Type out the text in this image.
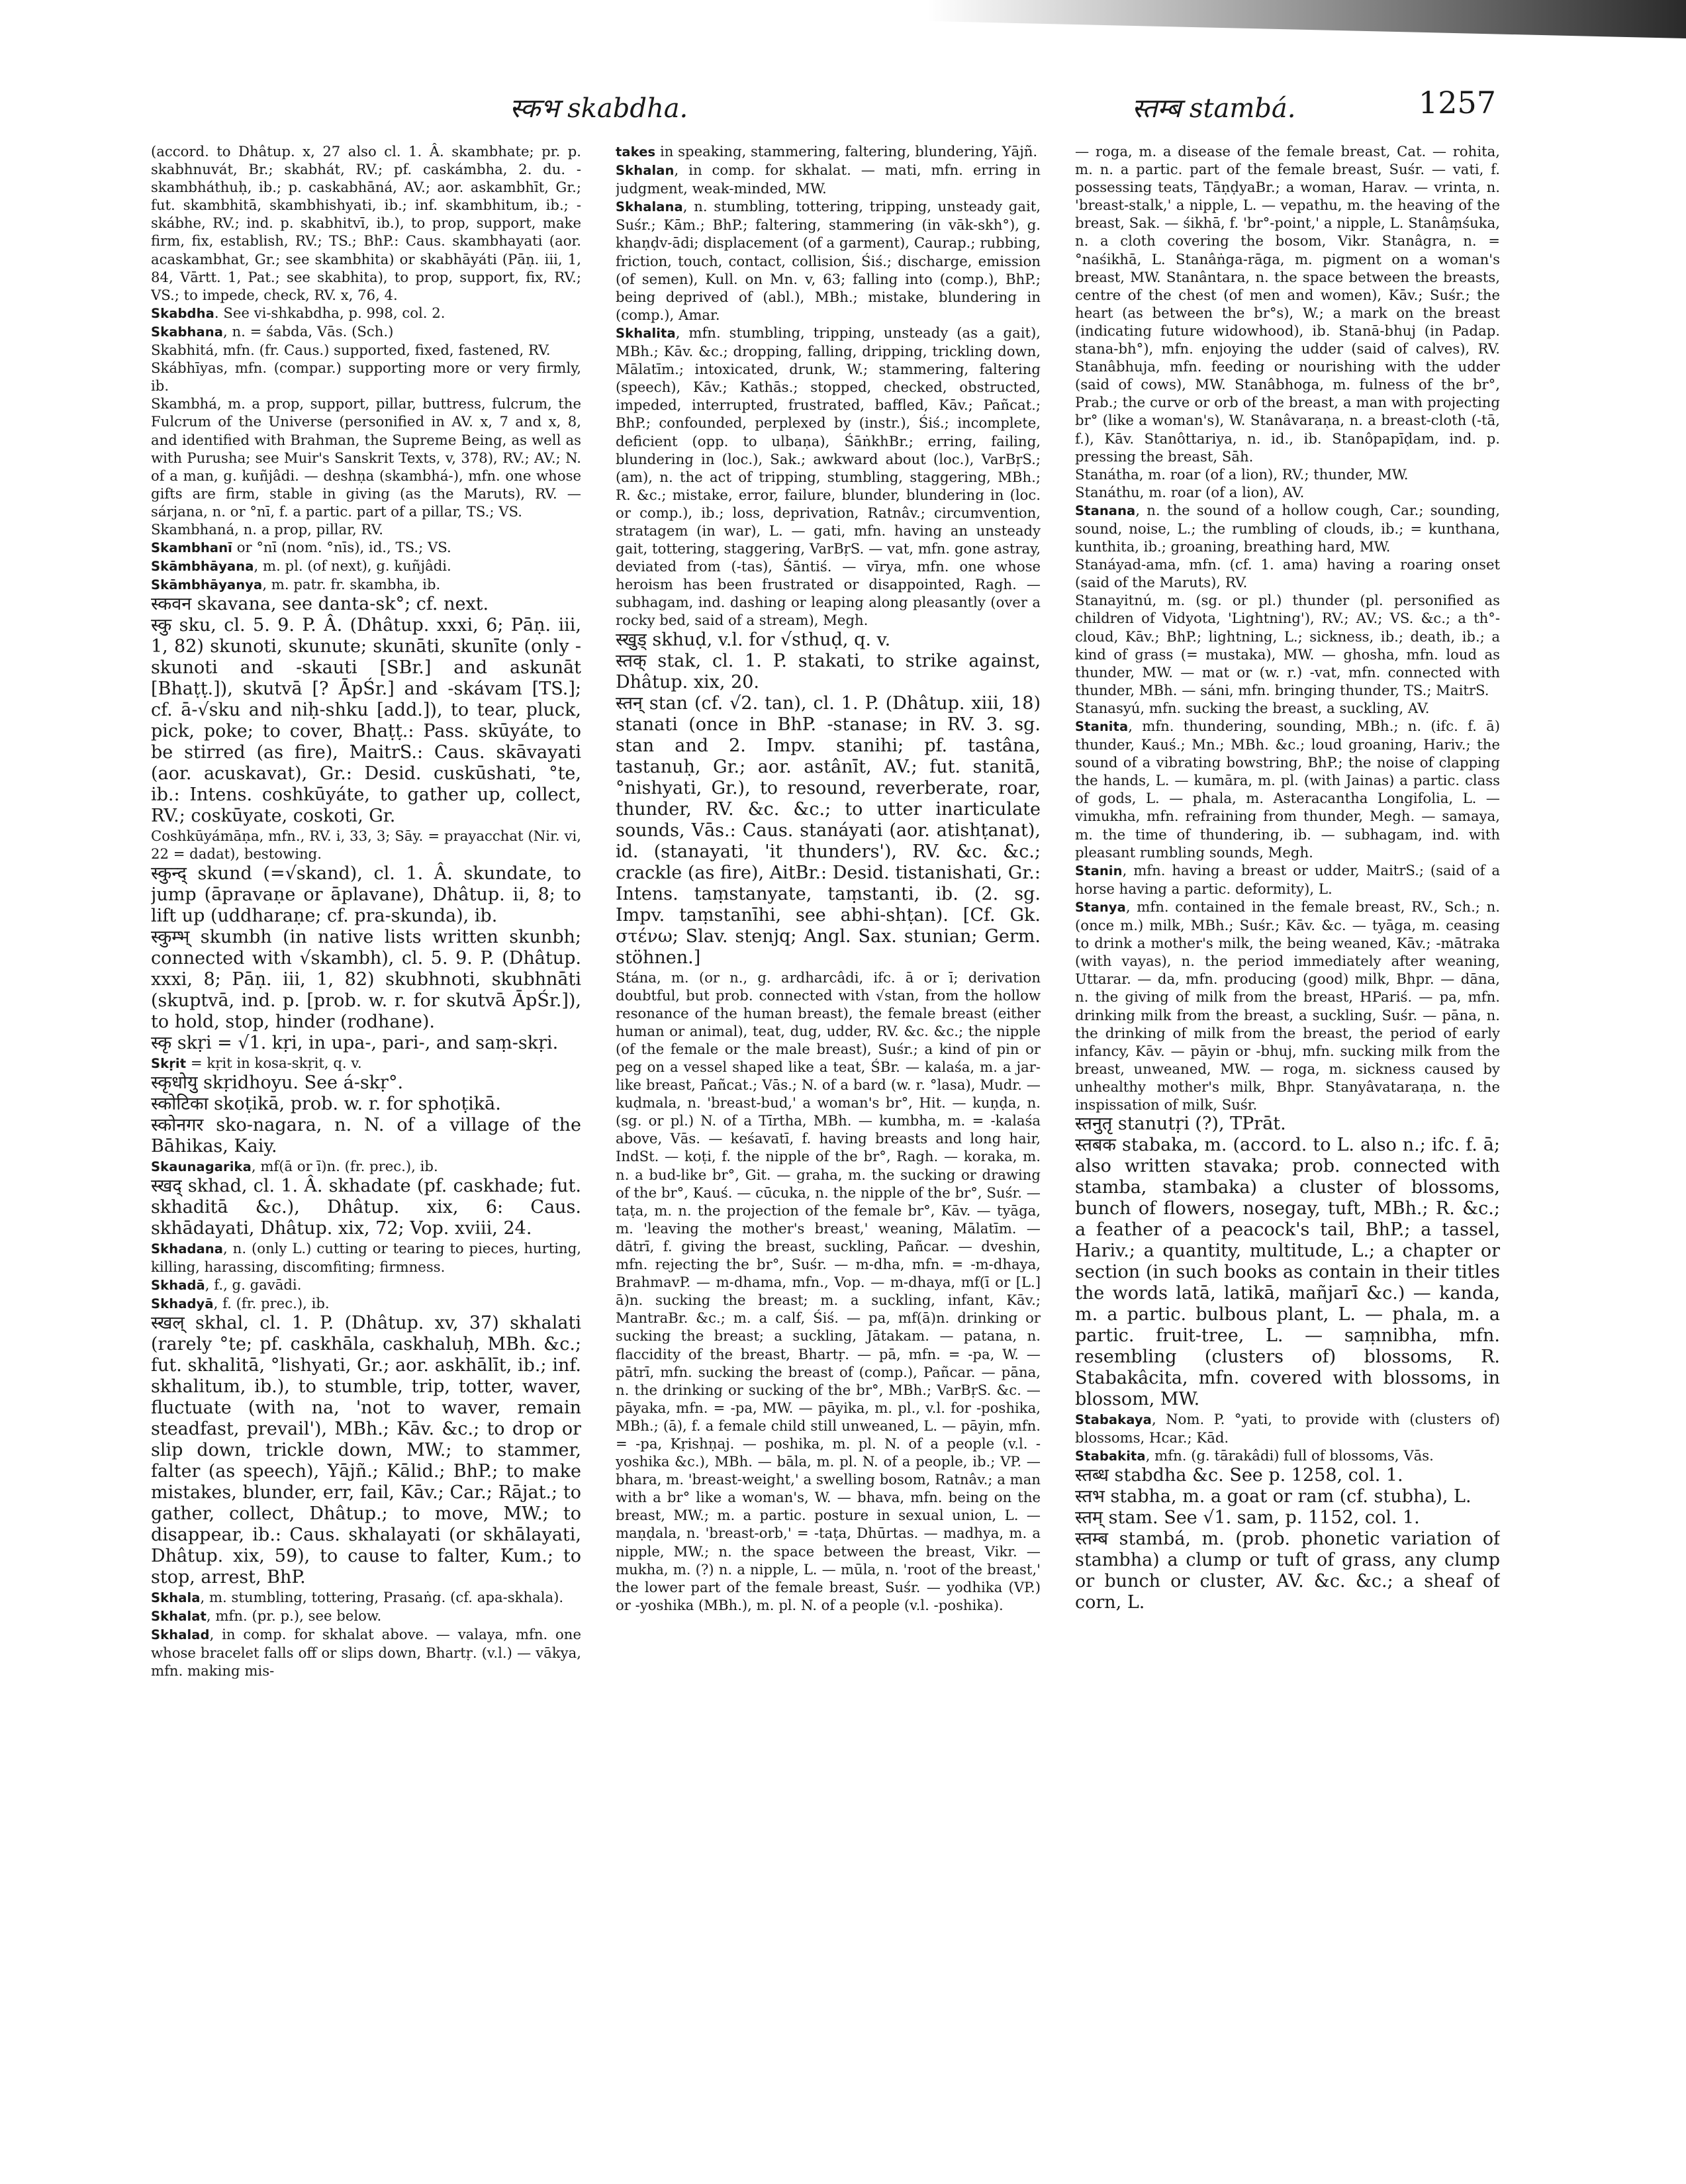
स्कभ skabdha.	स्तम्ब stambá.	1257

(accord. to Dhâtup. x, 27 also cl. 1. Â. skambhate; pr. p. skabhnuvát, Br.; skabhát, RV.; pf. caskámbha, 2. du. -skambháthuḥ, ib.; p. caskabhāná, AV.; aor. askambhīt, Gr.; fut. skambhitā, skambhishyati, ib.; inf. skambhitum, ib.; -skábhe, RV.; ind. p. skabhitvī, ib.), to prop, support, make firm, fix, establish, RV.; TS.; BhP.: Caus. skambhayati (aor. acaskambhat, Gr.; see skambhita) or skabhāyáti (Pāṇ. iii, 1, 84, Vārtt. 1, Pat.; see skabhita), to prop, support, fix, RV.; VS.; to impede, check, RV. x, 76, 4.

Skabdha. See vi-shkabdha, p. 998, col. 2.

Skabhana, n. = śabda, Vās. (Sch.)

Skabhitá, mfn. (fr. Caus.) supported, fixed, fastened, RV.

Skábhīyas, mfn. (compar.) supporting more or very firmly, ib.

Skambhá, m. a prop, support, pillar, buttress, fulcrum, the Fulcrum of the Universe (personified in AV. x, 7 and x, 8, and identified with Brahman, the Supreme Being, as well as with Purusha; see Muir's Sanskrit Texts, v, 378), RV.; AV.; N. of a man, g. kuñjâdi. — deshṇa (skambhá-), mfn. one whose gifts are firm, stable in giving (as the Maruts), RV. — sárjana, n. or °nī, f. a partic. part of a pillar, TS.; VS.

Skambhaná, n. a prop, pillar, RV.

Skambhanī or °nī (nom. °nīs), id., TS.; VS.

Skāmbhāyana, m. pl. (of next), g. kuñjâdi.

Skāmbhāyanya, m. patr. fr. skambha, ib.

स्कवन skavana, see danta-sk°; cf. next.

स्कु sku, cl. 5. 9. P. Â. (Dhâtup. xxxi, 6; Pāṇ. iii, 1, 82) skunoti, skunute; skunāti, skunīte (only -skunoti and -skauti [SBr.] and askunāt [Bhaṭṭ.]), skutvā [? ĀpŚr.] and -skávam [TS.]; cf. ā-√sku and niḥ-shku [add.]), to tear, pluck, pick, poke; to cover, Bhaṭṭ.: Pass. skūyáte, to be stirred (as fire), MaitrS.: Caus. skāvayati (aor. acuskavat), Gr.: Desid. cuskūshati, °te, ib.: Intens. coshkūyáte, to gather up, collect, RV.; coskūyate, coskoti, Gr.

Coshkūyámāṇa, mfn., RV. i, 33, 3; Sāy. = prayacchat (Nir. vi, 22 = dadat), bestowing.

स्कुन्द् skund (=√skand), cl. 1. Â. skundate, to jump (āpravaṇe or āplavane), Dhâtup. ii, 8; to lift up (uddharaṇe; cf. pra-skunda), ib.

स्कुम्भ् skumbh (in native lists written skunbh; connected with √skambh), cl. 5. 9. P. (Dhâtup. xxxi, 8; Pāṇ. iii, 1, 82) skubhnoti, skubhnāti (skuptvā, ind. p. [prob. w. r. for skutvā ĀpŚr.]), to hold, stop, hinder (rodhane).

स्कृ skṛi = √1. kṛi, in upa-, pari-, and saṃ-skṛi.

Skṛit = kṛit in kosa-skṛit, q. v.

स्कृधोयु skṛidhoyu. See á-skṛ°.

स्कोटिका skoṭikā, prob. w. r. for sphoṭikā.

स्कोनगर sko-nagara, n. N. of a village of the Bāhikas, Kaiy.

Skaunagarika, mf(ā or ī)n. (fr. prec.), ib.

स्खद् skhad, cl. 1. Â. skhadate (pf. caskhade; fut. skhaditā &c.), Dhâtup. xix, 6: Caus. skhādayati, Dhâtup. xix, 72; Vop. xviii, 24.

Skhadana, n. (only L.) cutting or tearing to pieces, hurting, killing, harassing, discomfiting; firmness.

Skhadā, f., g. gavādi.

Skhadyā, f. (fr. prec.), ib.

स्खल् skhal, cl. 1. P. (Dhâtup. xv, 37) skhalati (rarely °te; pf. caskhāla, caskhaluḥ, MBh. &c.; fut. skhalitā, °lishyati, Gr.; aor. askhālīt, ib.; inf. skhalitum, ib.), to stumble, trip, totter, waver, fluctuate (with na, 'not to waver, remain steadfast, prevail'), MBh.; Kāv. &c.; to drop or slip down, trickle down, MW.; to stammer, falter (as speech), Yājñ.; Kālid.; BhP.; to make mistakes, blunder, err, fail, Kāv.; Car.; Rājat.; to gather, collect, Dhâtup.; to move, MW.; to disappear, ib.: Caus. skhalayati (or skhālayati, Dhâtup. xix, 59), to cause to falter, Kum.; to stop, arrest, BhP.

Skhala, m. stumbling, tottering, Prasaṅg. (cf. apa-skhala).

Skhalat, mfn. (pr. p.), see below.

Skhalad, in comp. for skhalat above. — valaya, mfn. one whose bracelet falls off or slips down, Bhartṛ. (v.l.) — vākya, mfn. making mis-

takes in speaking, stammering, faltering, blundering, Yājñ.

Skhalan, in comp. for skhalat. — mati, mfn. erring in judgment, weak-minded, MW.

Skhalana, n. stumbling, tottering, tripping, unsteady gait, Suśr.; Kām.; BhP.; faltering, stammering (in vāk-skh°), g. khaṇḍv-ādi; displacement (of a garment), Caurap.; rubbing, friction, touch, contact, collision, Śiś.; discharge, emission (of semen), Kull. on Mn. v, 63; falling into (comp.), BhP.; being deprived of (abl.), MBh.; mistake, blundering in (comp.), Amar.

Skhalita, mfn. stumbling, tripping, unsteady (as a gait), MBh.; Kāv. &c.; dropping, falling, dripping, trickling down, Mālatīm.; intoxicated, drunk, W.; stammering, faltering (speech), Kāv.; Kathās.; stopped, checked, obstructed, impeded, interrupted, frustrated, baffled, Kāv.; Pañcat.; BhP.; confounded, perplexed by (instr.), Śiś.; incomplete, deficient (opp. to ulbaṇa), ŚāṅkhBr.; erring, failing, blundering in (loc.), Sak.; awkward about (loc.), VarBṛS.; (am), n. the act of tripping, stumbling, staggering, MBh.; R. &c.; mistake, error, failure, blunder, blundering in (loc. or comp.), ib.; loss, deprivation, Ratnâv.; circumvention, stratagem (in war), L. — gati, mfn. having an unsteady gait, tottering, staggering, VarBṛS. — vat, mfn. gone astray, deviated from (-tas), Śāntiś. — vīrya, mfn. one whose heroism has been frustrated or disappointed, Ragh. — subhagam, ind. dashing or leaping along pleasantly (over a rocky bed, said of a stream), Megh.

स्खुड् skhuḍ, v.l. for √sthuḍ, q. v.

स्तक् stak, cl. 1. P. stakati, to strike against, Dhâtup. xix, 20.

स्तन् stan (cf. √2. tan), cl. 1. P. (Dhâtup. xiii, 18) stanati (once in BhP. -stanase; in RV. 3. sg. stan and 2. Impv. stanihi; pf. tastâna, tastanuḥ, Gr.; aor. astânīt, AV.; fut. stanitā, °nishyati, Gr.), to resound, reverberate, roar, thunder, RV. &c. &c.; to utter inarticulate sounds, Vās.: Caus. stanáyati (aor. atishṭanat), id. (stanayati, 'it thunders'), RV. &c. &c.; crackle (as fire), AitBr.: Desid. tistanishati, Gr.: Intens. taṃstanyate, taṃstanti, ib. (2. sg. Impv. taṃstanīhi, see abhi-shṭan). [Cf. Gk. στένω; Slav. stenjq; Angl. Sax. stunian; Germ. stöhnen.]

Stána, m. (or n., g. ardharcâdi, ifc. ā or ī; derivation doubtful, but prob. connected with √stan, from the hollow resonance of the human breast), the female breast (either human or animal), teat, dug, udder, RV. &c. &c.; the nipple (of the female or the male breast), Suśr.; a kind of pin or peg on a vessel shaped like a teat, ŚBr. — kalaśa, m. a jar-like breast, Pañcat.; Vās.; N. of a bard (w. r. °lasa), Mudr. — kuḍmala, n. 'breast-bud,' a woman's br°, Hit. — kuṇḍa, n. (sg. or pl.) N. of a Tīrtha, MBh. — kumbha, m. = -kalaśa above, Vās. — keśavatī, f. having breasts and long hair, IndSt. — koṭi, f. the nipple of the br°, Ragh. — koraka, m. n. a bud-like br°, Git. — graha, m. the sucking or drawing of the br°, Kauś. — cūcuka, n. the nipple of the br°, Suśr. — taṭa, m. n. the projection of the female br°, Kāv. — tyāga, m. 'leaving the mother's breast,' weaning, Mālatīm. — dātrī, f. giving the breast, suckling, Pañcar. — dveshin, mfn. rejecting the br°, Suśr. — m-dha, mfn. = -m-dhaya, BrahmavP. — m-dhama, mfn., Vop. — m-dhaya, mf(ī or [L.] ā)n. sucking the breast; m. a suckling, infant, Kāv.; MantraBr. &c.; m. a calf, Śiś. — pa, mf(ā)n. drinking or sucking the breast; a suckling, Jātakam. — patana, n. flaccidity of the breast, Bhartṛ. — pā, mfn. = -pa, W. — pātrī, mfn. sucking the breast of (comp.), Pañcar. — pāna, n. the drinking or sucking of the br°, MBh.; VarBṛS. &c. — pāyaka, mfn. = -pa, MW. — pāyika, m. pl., v.l. for -poshika, MBh.; (ā), f. a female child still unweaned, L. — pāyin, mfn. = -pa, Kṛishṇaj. — poshika, m. pl. N. of a people (v.l. -yoshika &c.), MBh. — bāla, m. pl. N. of a people, ib.; VP. — bhara, m. 'breast-weight,' a swelling bosom, Ratnâv.; a man with a br° like a woman's, W. — bhava, mfn. being on the breast, MW.; m. a partic. posture in sexual union, L. — maṇḍala, n. 'breast-orb,' = -taṭa, Dhūrtas. — madhya, m. a nipple, MW.; n. the space between the breast, Vikr. — mukha, m. (?) n. a nipple, L. — mūla, n. 'root of the breast,' the lower part of the female breast, Suśr. — yodhika (VP.) or -yoshika (MBh.), m. pl. N. of a people (v.l. -poshika).

— roga, m. a disease of the female breast, Cat. — rohita, m. n. a partic. part of the female breast, Suśr. — vati, f. possessing teats, TāṇḍyaBr.; a woman, Harav. — vrinta, n. 'breast-stalk,' a nipple, L. — vepathu, m. the heaving of the breast, Sak. — śikhā, f. 'br°-point,' a nipple, L. Stanâṃśuka, n. a cloth covering the bosom, Vikr. Stanâgra, n. = °naśikhā, L. Stanâṅga-rāga, m. pigment on a woman's breast, MW. Stanântara, n. the space between the breasts, centre of the chest (of men and women), Kāv.; Suśr.; the heart (as between the br°s), W.; a mark on the breast (indicating future widowhood), ib. Stanā-bhuj (in Padap. stana-bh°), mfn. enjoying the udder (said of calves), RV. Stanâbhuja, mfn. feeding or nourishing with the udder (said of cows), MW. Stanâbhoga, m. fulness of the br°, Prab.; the curve or orb of the breast, a man with projecting br° (like a woman's), W. Stanâvaraṇa, n. a breast-cloth (-tā, f.), Kāv. Stanôttariya, n. id., ib. Stanôpapīḍam, ind. p. pressing the breast, Sāh.

Stanátha, m. roar (of a lion), RV.; thunder, MW.

Stanáthu, m. roar (of a lion), AV.

Stanana, n. the sound of a hollow cough, Car.; sounding, sound, noise, L.; the rumbling of clouds, ib.; = kunthana, kunthita, ib.; groaning, breathing hard, MW.

Stanáyad-ama, mfn. (cf. 1. ama) having a roaring onset (said of the Maruts), RV.

Stanayitnú, m. (sg. or pl.) thunder (pl. personified as children of Vidyota, 'Lightning'), RV.; AV.; VS. &c.; a th°-cloud, Kāv.; BhP.; lightning, L.; sickness, ib.; death, ib.; a kind of grass (= mustaka), MW. — ghosha, mfn. loud as thunder, MW. — mat or (w. r.) -vat, mfn. connected with thunder, MBh. — sáni, mfn. bringing thunder, TS.; MaitrS.

Stanasyú, mfn. sucking the breast, a suckling, AV.

Stanita, mfn. thundering, sounding, MBh.; n. (ifc. f. ā) thunder, Kauś.; Mn.; MBh. &c.; loud groaning, Hariv.; the sound of a vibrating bowstring, BhP.; the noise of clapping the hands, L. — kumāra, m. pl. (with Jainas) a partic. class of gods, L. — phala, m. Asteracantha Longifolia, L. — vimukha, mfn. refraining from thunder, Megh. — samaya, m. the time of thundering, ib. — subhagam, ind. with pleasant rumbling sounds, Megh.

Stanin, mfn. having a breast or udder, MaitrS.; (said of a horse having a partic. deformity), L.

Stanya, mfn. contained in the female breast, RV., Sch.; n. (once m.) milk, MBh.; Suśr.; Kāv. &c. — tyāga, m. ceasing to drink a mother's milk, the being weaned, Kāv.; -mātraka (with vayas), n. the period immediately after weaning, Uttarar. — da, mfn. producing (good) milk, Bhpr. — dāna, n. the giving of milk from the breast, HPariś. — pa, mfn. drinking milk from the breast, a suckling, Suśr. — pāna, n. the drinking of milk from the breast, the period of early infancy, Kāv. — pāyin or -bhuj, mfn. sucking milk from the breast, unweaned, MW. — roga, m. sickness caused by unhealthy mother's milk, Bhpr. Stanyâvataraṇa, n. the inspissation of milk, Suśr.

स्तनुतृ stanutṛi (?), TPrāt.

स्तबक stabaka, m. (accord. to L. also n.; ifc. f. ā; also written stavaka; prob. connected with stamba, stambaka) a cluster of blossoms, bunch of flowers, nosegay, tuft, MBh.; R. &c.; a feather of a peacock's tail, BhP.; a tassel, Hariv.; a quantity, multitude, L.; a chapter or section (in such books as contain in their titles the words latā, latikā, mañjarī &c.) — kanda, m. a partic. bulbous plant, L. — phala, m. a partic. fruit-tree, L. — saṃnibha, mfn. resembling (clusters of) blossoms, R. Stabakâcita, mfn. covered with blossoms, in blossom, MW.

Stabakaya, Nom. P. °yati, to provide with (clusters of) blossoms, Hcar.; Kād.

Stabakita, mfn. (g. tārakâdi) full of blossoms, Vās.

स्तब्ध stabdha &c. See p. 1258, col. 1.

स्तभ stabha, m. a goat or ram (cf. stubha), L.

स्तम् stam. See √1. sam, p. 1152, col. 1.

स्तम्ब stambá, m. (prob. phonetic variation of stambha) a clump or tuft of grass, any clump or bunch or cluster, AV. &c. &c.; a sheaf of corn, L.
